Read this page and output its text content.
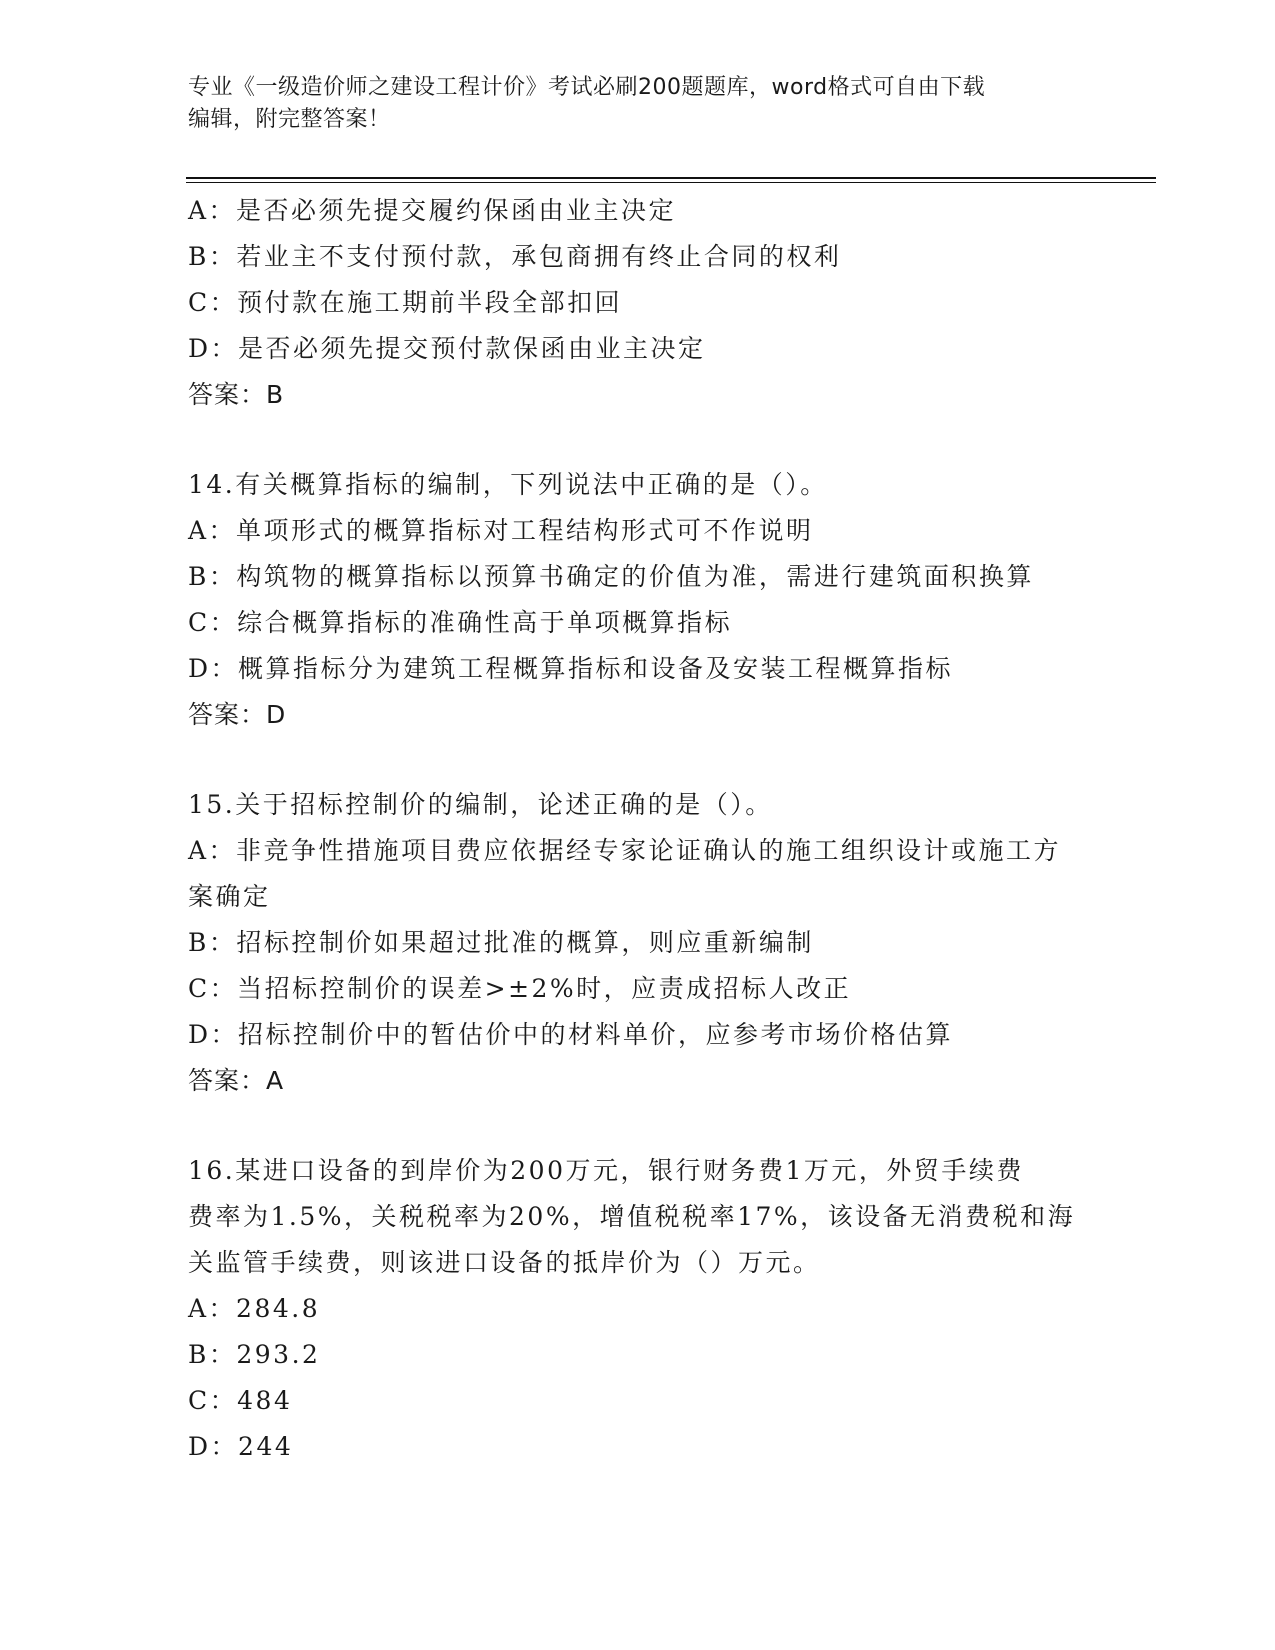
专业《一级造价师之建设工程计价》考试必刷200题题库，word格式可自由下载
编辑，附完整答案！
A：是否必须先提交履约保函由业主决定
B：若业主不支付预付款，承包商拥有终止合同的权利
C：预付款在施工期前半段全部扣回
D：是否必须先提交预付款保函由业主决定
答案：B
14.有关概算指标的编制，下列说法中正确的是（）。
A：单项形式的概算指标对工程结构形式可不作说明
B：构筑物的概算指标以预算书确定的价值为准，需进行建筑面积换算
C：综合概算指标的准确性高于单项概算指标
D：概算指标分为建筑工程概算指标和设备及安装工程概算指标
答案：D
15.关于招标控制价的编制，论述正确的是（）。
A：非竞争性措施项目费应依据经专家论证确认的施工组织设计或施工方案确定
B：招标控制价如果超过批准的概算，则应重新编制
C：当招标控制价的误差>±2%时，应责成招标人改正
D：招标控制价中的暂估价中的材料单价，应参考市场价格估算
答案：A
16.某进口设备的到岸价为200万元，银行财务费1万元，外贸手续费
费率为1.5%，关税税率为20%，增值税税率17%，该设备无消费税和海
关监管手续费，则该进口设备的抵岸价为（）万元。
A：284.8
B：293.2
C：484
D：244
